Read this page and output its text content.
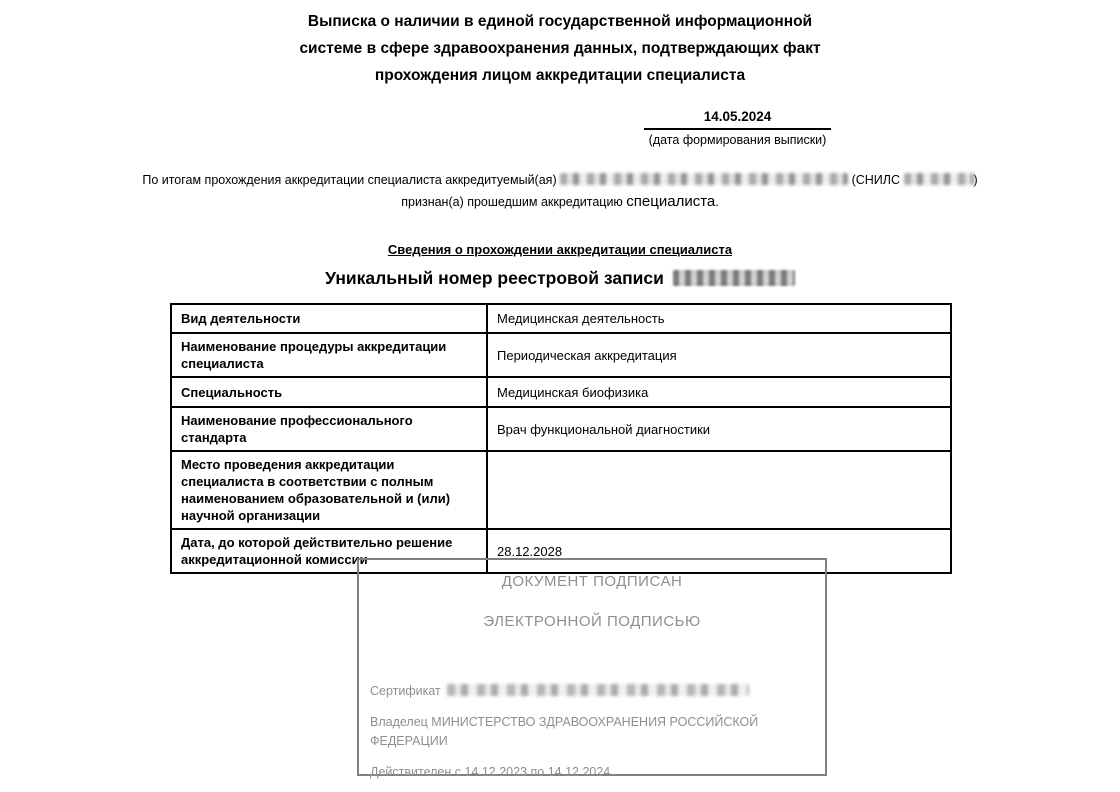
Выписка о наличии в единой государственной информационной
системе в сфере здравоохранения данных, подтверждающих факт
прохождения лицом аккредитации специалиста
14.05.2024
(дата формирования выписки)
По итогам прохождения аккредитации специалиста аккредитуемый(ая)	(СНИЛС	)
признан(а) прошедшим аккредитацию специалиста.
Сведения о прохождении аккредитации специалиста
Уникальный номер реестровой записи
Вид деятельности	Медицинская деятельность
Наименование процедуры аккредитации специалиста	Периодическая аккредитация
Специальность	Медицинская биофизика
Наименование профессионального стандарта	Врач функциональной диагностики
Место проведения аккредитации специалиста в соответствии с полным наименованием образовательной и (или) научной организации	
Дата, до которой действительно решение аккредитационной комиссии	28.12.2028
ДОКУМЕНТ ПОДПИСАН
ЭЛЕКТРОННОЙ ПОДПИСЬЮ
Сертификат
Владелец МИНИСТЕРСТВО ЗДРАВООХРАНЕНИЯ РОССИЙСКОЙ ФЕДЕРАЦИИ
Действителен с 14.12.2023 по 14.12.2024
